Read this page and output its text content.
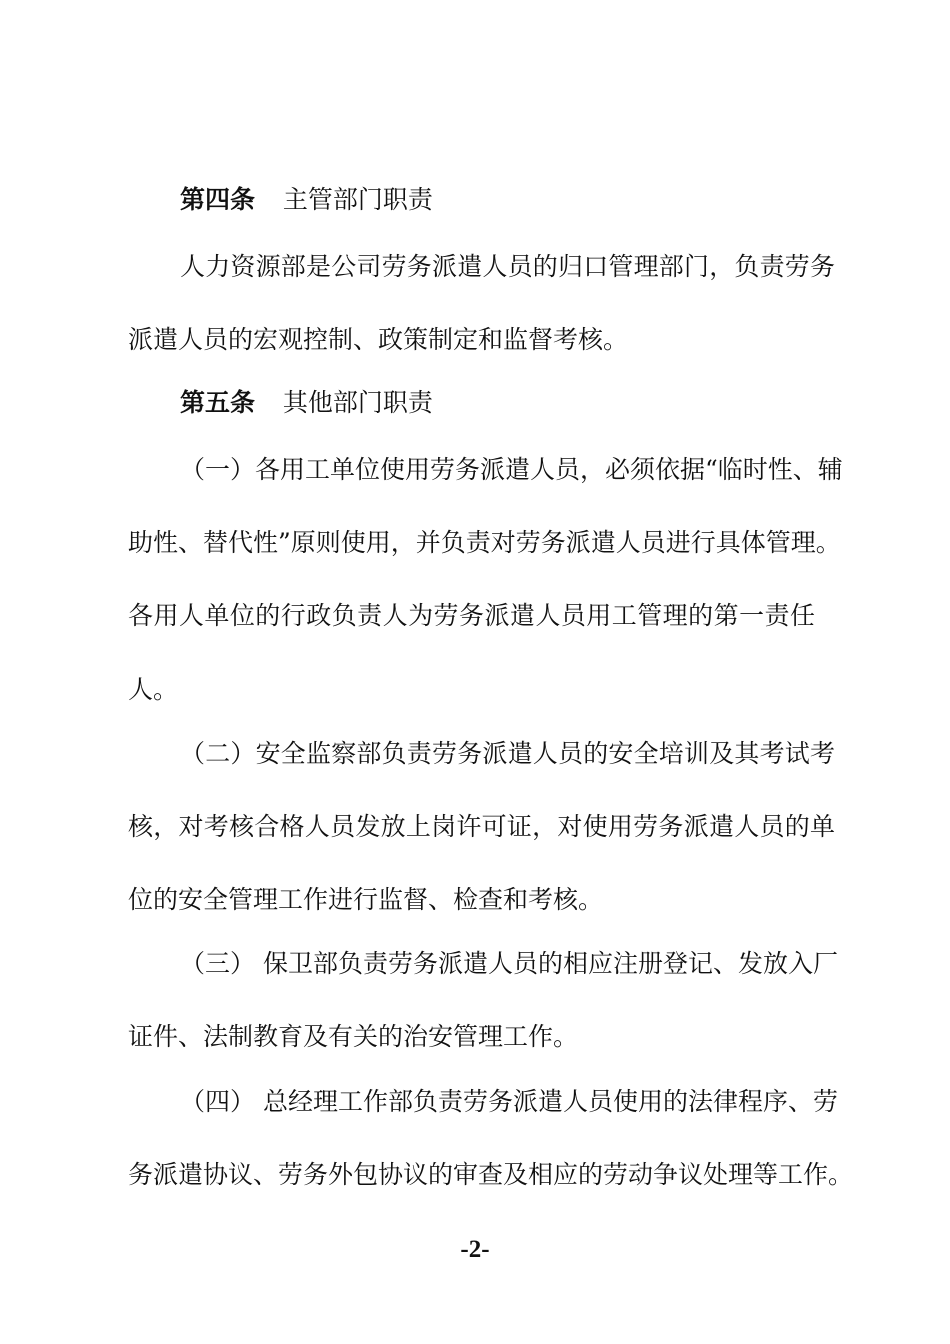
第四条 主管部门职责
人力资源部是公司劳务派遣人员的归口管理部门，负责劳务
派遣人员的宏观控制、政策制定和监督考核。
第五条 其他部门职责
（一）各用工单位使用劳务派遣人员，必须依据“临时性、辅
助性、替代性”原则使用，并负责对劳务派遣人员进行具体管理。
各用人单位的行政负责人为劳务派遣人员用工管理的第一责任
人。
（二）安全监察部负责劳务派遣人员的安全培训及其考试考
核，对考核合格人员发放上岗许可证，对使用劳务派遣人员的单
位的安全管理工作进行监督、检查和考核。
（三） 保卫部负责劳务派遣人员的相应注册登记、发放入厂
证件、法制教育及有关的治安管理工作。
（四） 总经理工作部负责劳务派遣人员使用的法律程序、劳
务派遣协议、劳务外包协议的审查及相应的劳动争议处理等工作。
-2-
